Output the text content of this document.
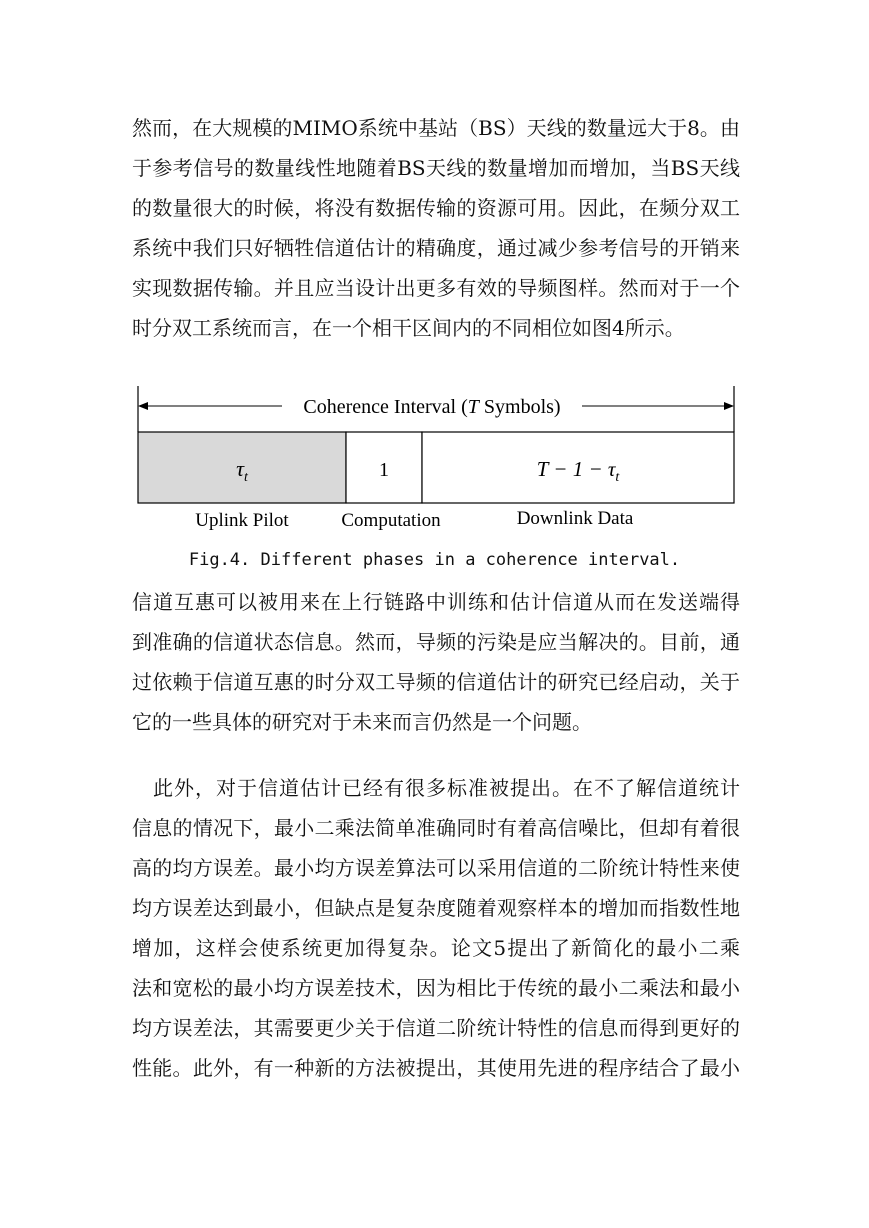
然而，在大规模的MIMO系统中基站（BS）天线的数量远大于8。由
于参考信号的数量线性地随着BS天线的数量增加而增加，当BS天线
的数量很大的时候，将没有数据传输的资源可用。因此，在频分双工
系统中我们只好牺牲信道估计的精确度，通过减少参考信号的开销来
实现数据传输。并且应当设计出更多有效的导频图样。然而对于一个
时分双工系统而言，在一个相干区间内的不同相位如图4所示。
Coherence Interval (T Symbols)
$\tau_t$	1	$T - 1 - \tau_t$
Uplink Pilot	Computation	Downlink Data

Fig.4. Different phases in a coherence interval.

信道互惠可以被用来在上行链路中训练和估计信道从而在发送端得
到准确的信道状态信息。然而，导频的污染是应当解决的。目前，通
过依赖于信道互惠的时分双工导频的信道估计的研究已经启动，关于
它的一些具体的研究对于未来而言仍然是一个问题。
　此外，对于信道估计已经有很多标准被提出。在不了解信道统计
信息的情况下，最小二乘法简单准确同时有着高信噪比，但却有着很
高的均方误差。最小均方误差算法可以采用信道的二阶统计特性来使
均方误差达到最小，但缺点是复杂度随着观察样本的增加而指数性地
增加，这样会使系统更加得复杂。论文5提出了新简化的最小二乘
法和宽松的最小均方误差技术，因为相比于传统的最小二乘法和最小
均方误差法，其需要更少关于信道二阶统计特性的信息而得到更好的
性能。此外，有一种新的方法被提出，其使用先进的程序结合了最小
